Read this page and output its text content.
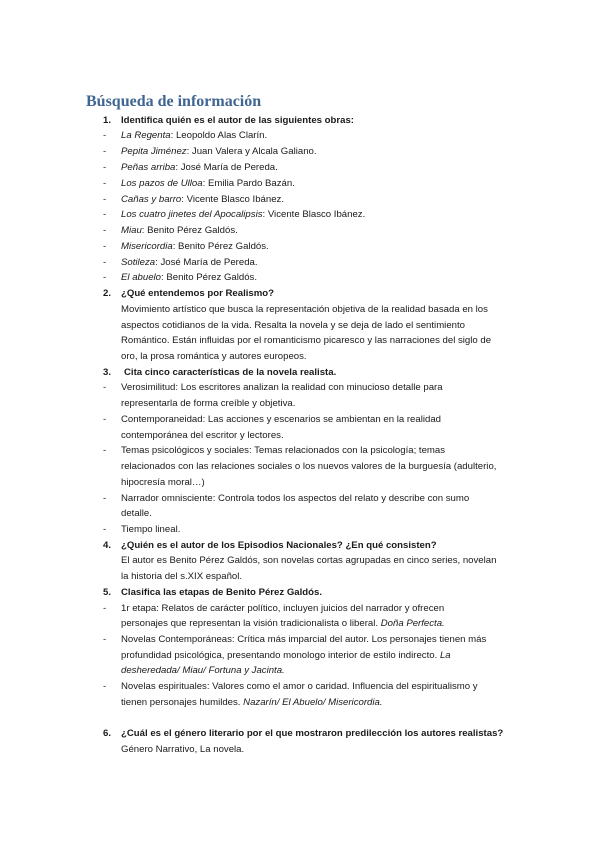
Búsqueda de información
1. Identifica quién es el autor de las siguientes obras:
- La Regenta: Leopoldo Alas Clarín.
- Pepita Jiménez: Juan Valera y Alcala Galiano.
- Peñas arriba: José María de Pereda.
- Los pazos de Ulloa: Emilia Pardo Bazán.
- Cañas y barro: Vicente Blasco Ibánez.
- Los cuatro jinetes del Apocalipsis: Vicente Blasco Ibánez.
- Miau: Benito Pérez Galdós.
- Misericordia: Benito Pérez Galdós.
- Sotileza: José María de Pereda.
- El abuelo: Benito Pérez Galdós.
2. ¿Qué entendemos por Realismo?
Movimiento artístico que busca la representación objetiva de la realidad basada en los
aspectos cotidianos de la vida. Resalta la novela y se deja de lado el sentimiento
Romántico. Están influidas por el romanticismo picaresco y las narraciones del siglo de
oro, la prosa romántica y autores europeos.
3. Cita cinco características de la novela realista.
- Verosimilitud: Los escritores analizan la realidad con minucioso detalle para
representarla de forma creíble y objetiva.
- Contemporaneidad: Las acciones y escenarios se ambientan en la realidad
contemporánea del escritor y lectores.
- Temas psicológicos y sociales: Temas relacionados con la psicología; temas
relacionados con las relaciones sociales o los nuevos valores de la burguesía (adulterio,
hipocresía moral…)
- Narrador omnisciente: Controla todos los aspectos del relato y describe con sumo
detalle.
- Tiempo lineal.
4. ¿Quién es el autor de los Episodios Nacionales? ¿En qué consisten?
El autor es Benito Pérez Galdós, son novelas cortas agrupadas en cinco series, novelan
la historia del s.XIX español.
5. Clasifica las etapas de Benito Pérez Galdós.
- 1r etapa: Relatos de carácter político, incluyen juicios del narrador y ofrecen
personajes que representan la visión tradicionalista o liberal. Doña Perfecta.
- Novelas Contemporáneas: Crítica más imparcial del autor. Los personajes tienen más
profundidad psicológica, presentando monologo interior de estilo indirecto. La
desheredada/ Miau/ Fortuna y Jacinta.
- Novelas espirituales: Valores como el amor o caridad. Influencia del espiritualismo y
tienen personajes humildes. Nazarín/ El Abuelo/ Misericordia.
6. ¿Cuál es el género literario por el que mostraron predilección los autores realistas?
Género Narrativo, La novela.
